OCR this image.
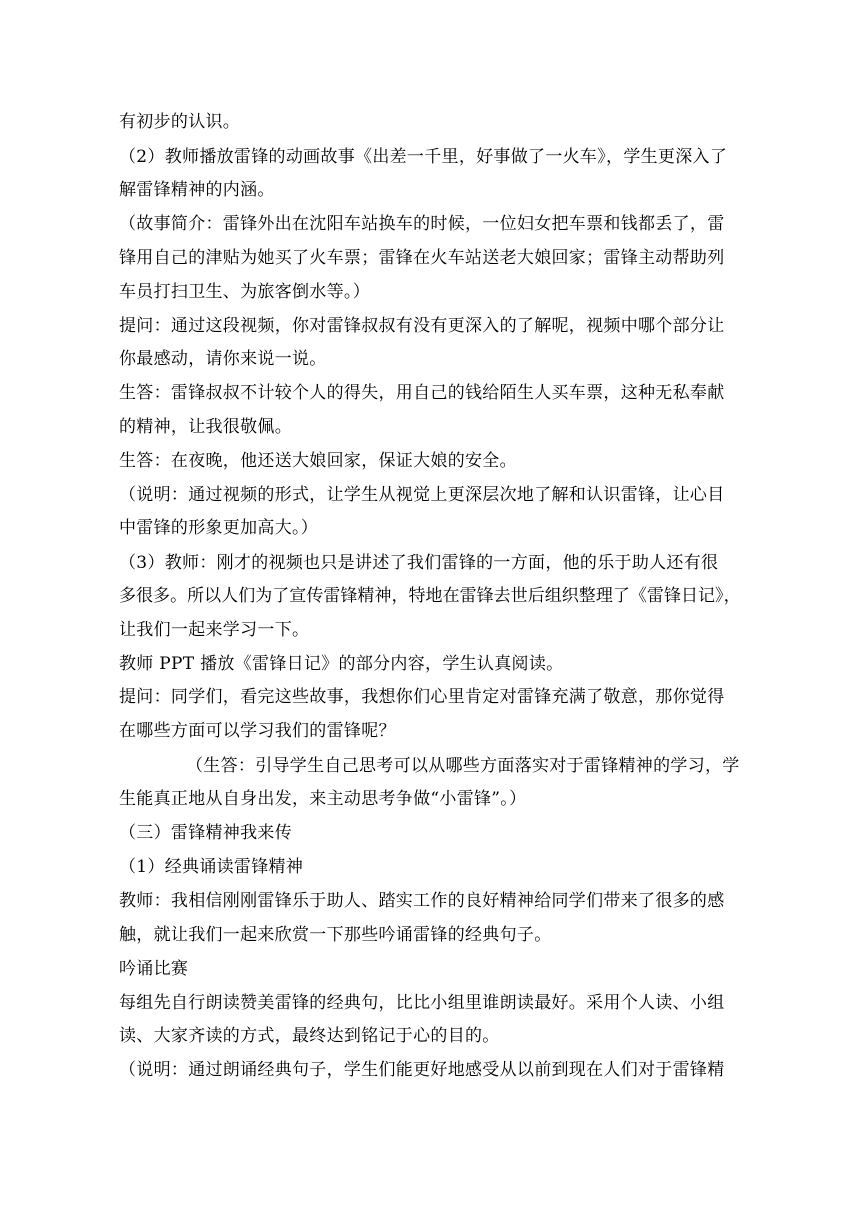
有初步的认识。
（2）教师播放雷锋的动画故事《出差一千里，好事做了一火车》，学生更深入了
解雷锋精神的内涵。
（故事简介：雷锋外出在沈阳车站换车的时候，一位妇女把车票和钱都丢了，雷
锋用自己的津贴为她买了火车票；雷锋在火车站送老大娘回家；雷锋主动帮助列
车员打扫卫生、为旅客倒水等。）
提问：通过这段视频，你对雷锋叔叔有没有更深入的了解呢，视频中哪个部分让
你最感动，请你来说一说。
生答：雷锋叔叔不计较个人的得失，用自己的钱给陌生人买车票，这种无私奉献
的精神，让我很敬佩。
生答：在夜晚，他还送大娘回家，保证大娘的安全。
（说明：通过视频的形式，让学生从视觉上更深层次地了解和认识雷锋，让心目
中雷锋的形象更加高大。）
（3）教师：刚才的视频也只是讲述了我们雷锋的一方面，他的乐于助人还有很
多很多。所以人们为了宣传雷锋精神，特地在雷锋去世后组织整理了《雷锋日记》，
让我们一起来学习一下。
教师 PPT 播放《雷锋日记》的部分内容，学生认真阅读。
提问：同学们，看完这些故事，我想你们心里肯定对雷锋充满了敬意，那你觉得
在哪些方面可以学习我们的雷锋呢？
（生答：引导学生自己思考可以从哪些方面落实对于雷锋精神的学习，学
生能真正地从自身出发，来主动思考争做“小雷锋”。）
（三）雷锋精神我来传
（1）经典诵读雷锋精神
教师：我相信刚刚雷锋乐于助人、踏实工作的良好精神给同学们带来了很多的感
触，就让我们一起来欣赏一下那些吟诵雷锋的经典句子。
吟诵比赛
每组先自行朗读赞美雷锋的经典句，比比小组里谁朗读最好。采用个人读、小组
读、大家齐读的方式，最终达到铭记于心的目的。
（说明：通过朗诵经典句子，学生们能更好地感受从以前到现在人们对于雷锋精
